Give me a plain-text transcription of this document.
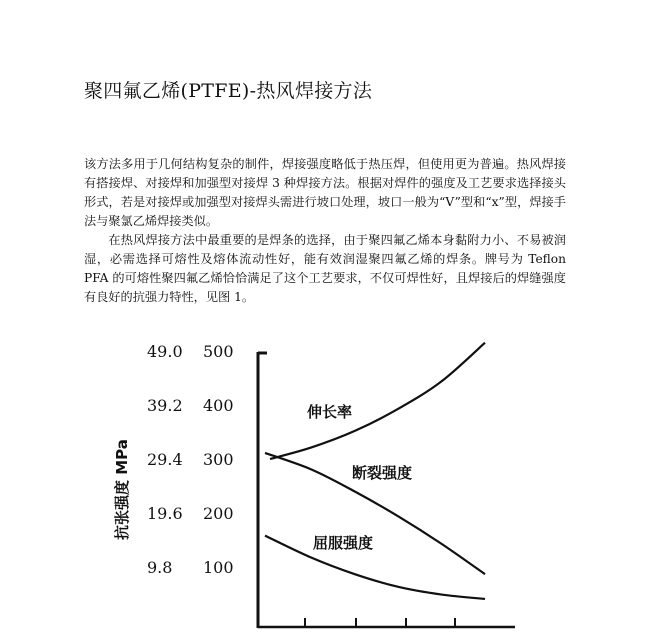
聚四氟乙烯(PTFE)-热风焊接方法

该方法多用于几何结构复杂的制件，焊接强度略低于热压焊，但使用更为普遍。热风焊接有搭接焊、对接焊和加强型对接焊 3 种焊接方法。根据对焊件的强度及工艺要求选择接头形式，若是对接焊或加强型对接焊头需进行坡口处理，坡口一般为“V”型和“x”型，焊接手法与聚氯乙烯焊接类似。

在热风焊接方法中最重要的是焊条的选择，由于聚四氟乙烯本身黏附力小、不易被润湿，必需选择可熔性及熔体流动性好，能有效润湿聚四氟乙烯的焊条。牌号为 Teflon PFA 的可熔性聚四氟乙烯恰恰满足了这个工艺要求，不仅可焊性好，且焊接后的焊缝强度有良好的抗强力特性，见图 1。

49.0 500
39.2 400
29.4 300
19.6 200
9.8 100
抗张强度 MPa
伸长率
断裂强度
屈服强度
